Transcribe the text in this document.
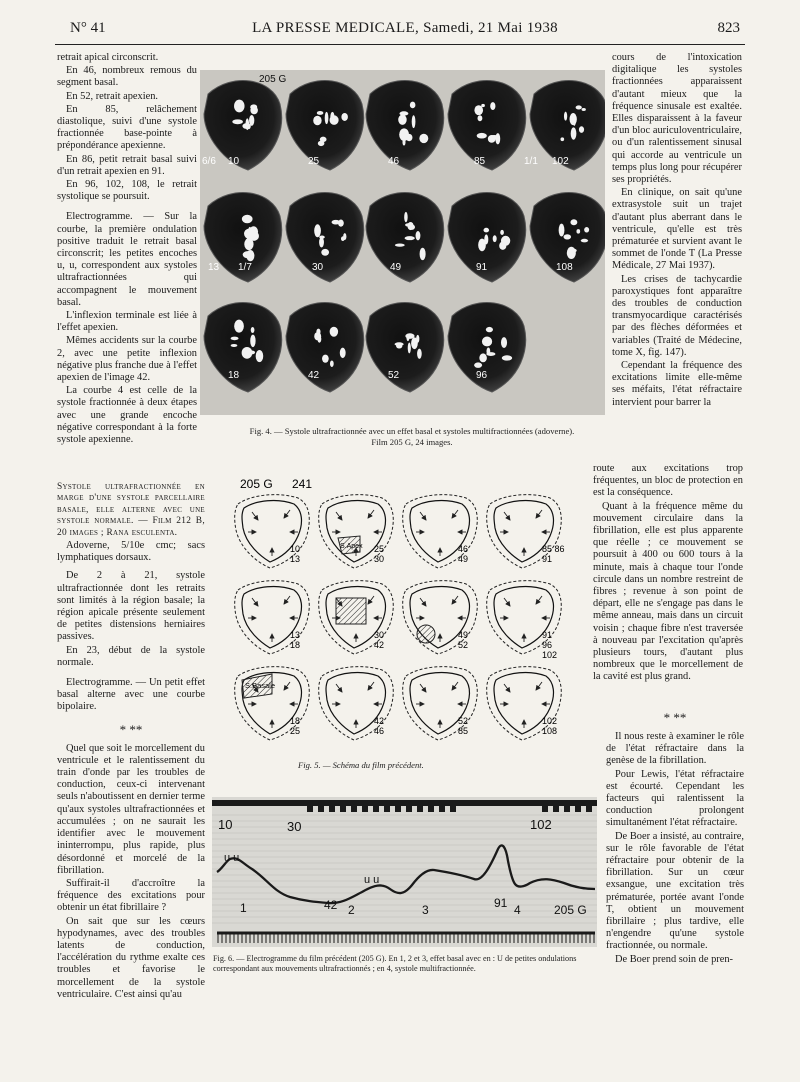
N° 41	LA PRESSE MEDICALE, Samedi, 21 Mai 1938	823

retrait apical circonscrit.

En 46, nombreux remous du segment basal.

En 52, retrait apexien.

En 85, relâchement diastolique, suivi d'une systole fractionnée base-pointe à prépondérance apexienne.

En 86, petit retrait basal suivi d'un retrait apexien en 91.

En 96, 102, 108, le retrait systolique se poursuit.

Electrogramme. — Sur la courbe, la première ondulation positive traduit le retrait basal circonscrit; les petites encoches u, u, correspondent aux systoles ultrafractionnées qui accompagnent le mouvement basal.

L'inflexion terminale est liée à l'effet apexien.

Mêmes accidents sur la courbe 2, avec une petite inflexion négative plus franche due à l'effet apexien de l'image 42.

La courbe 4 est celle de la systole fractionnée à deux étapes avec une grande encoche négative correspondant à la forte systole apexienne.

Systole ultrafractionnée en marge d'une systole parcellaire basale, elle alterne avec une systole normale. — Film 212 B, 20 images ; Rana esculenta.

Adoverne, 5/10e cmc; sacs lymphatiques dorsaux.

De 2 à 21, systole ultrafractionnée dont les retraits sont limités à la région basale; la région apicale présente seulement de petites distensions herniaires passives.

En 23, début de la systole normale.

Electrogramme. — Un petit effet basal alterne avec une courbe bipolaire.

* **

Quel que soit le morcellement du ventricule et le ralentissement du train d'onde par les troubles de conduction, ceux-ci intervenant seuls n'aboutissent en dernier terme qu'aux systoles ultrafractionnées et accumulées ; on ne saurait les identifier avec le mouvement ininterrompu, plus rapide, plus désordonné et morcelé de la fibrillation.

Suffirait-il d'accroître la fréquence des excitations pour obtenir un état fibrillaire ?

On sait que sur les cœurs hypodynames, avec des troubles latents de conduction, l'accélération du rythme exalte ces troubles et favorise le morcellement de la systole ventriculaire. C'est ainsi qu'au

cours de l'intoxication digitalique les systoles fractionnées apparaissent d'autant mieux que la fréquence sinusale est exaltée. Elles disparaissent à la faveur d'un bloc auriculoventriculaire, ou d'un ralentissement sinusal qui accorde au ventricule un temps plus long pour récupérer ses propriétés.

En clinique, on sait qu'une extrasystole suit un trajet d'autant plus aberrant dans le ventricule, qu'elle est très prématurée et survient avant le sommet de l'onde T (La Presse Médicale, 27 Mai 1937).

Les crises de tachycardie paroxystiques font apparaître des troubles de conduction transmyocardique caractérisés par des flèches déformées et variables (Traité de Médecine, tome X, fig. 147).

Cependant la fréquence des excitations limite elle-même ses méfaits, l'état réfractaire intervient pour barrer la

route aux excitations trop fréquentes, un bloc de protection en est la conséquence.

Quant à la fréquence même du mouvement circulaire dans la fibrillation, elle est plus apparente que réelle ; ce mouvement se poursuit à 400 ou 600 tours à la minute, mais à chaque tour l'onde circule dans un nombre restreint de fibres ; revenue à son point de départ, elle ne s'engage pas dans le même anneau, mais dans un circuit voisin ; chaque fibre n'est traversée à nouveau par l'excitation qu'après plusieurs tours, d'autant plus nombreux que le morcellement de la cavité est plus grand.

* **

Il nous reste à examiner le rôle de l'état réfractaire dans la genèse de la fibrillation.

Pour Lewis, l'état réfractaire est écourté. Cependant les facteurs qui ralentissent la conduction prolongent simultanément l'état réfractaire.

De Boer a insisté, au contraire, sur le rôle favorable de l'état réfractaire pour obtenir de la fibrillation. Sur un cœur exsangue, une excitation très prématurée, portée avant l'onde T, obtient un mouvement fibrillaire ; plus tardive, elle n'engendre qu'une systole fractionnée, ou normale.

De Boer prend soin de pren-

205 G
6/6 10	25	46	85	1/1 102
13 1/7	30	49	91	108
18	42	52	96
Fig. 4. — Systole ultrafractionnée avec un effet basal et systoles multifractionnées (adoverne).
Film 205 G, 24 images.
205 G 241
10
13
S.Apex 25
30
46
49
85 86
91
13
18
30
42
49
52
91
96
102
S.Basale
18
25
42
46
52
85
102
108
Fig. 5. — Schéma du film précédent.
10	30	102
u u
42
u u
91
1	2	3	4	205 G
Fig. 6. — Electrogramme du film précédent (205 G). En 1, 2 et 3, effet basal avec en : U de petites ondulations correspondant aux mouvements ultrafractionnés ; en 4, systole multifractionnée.
